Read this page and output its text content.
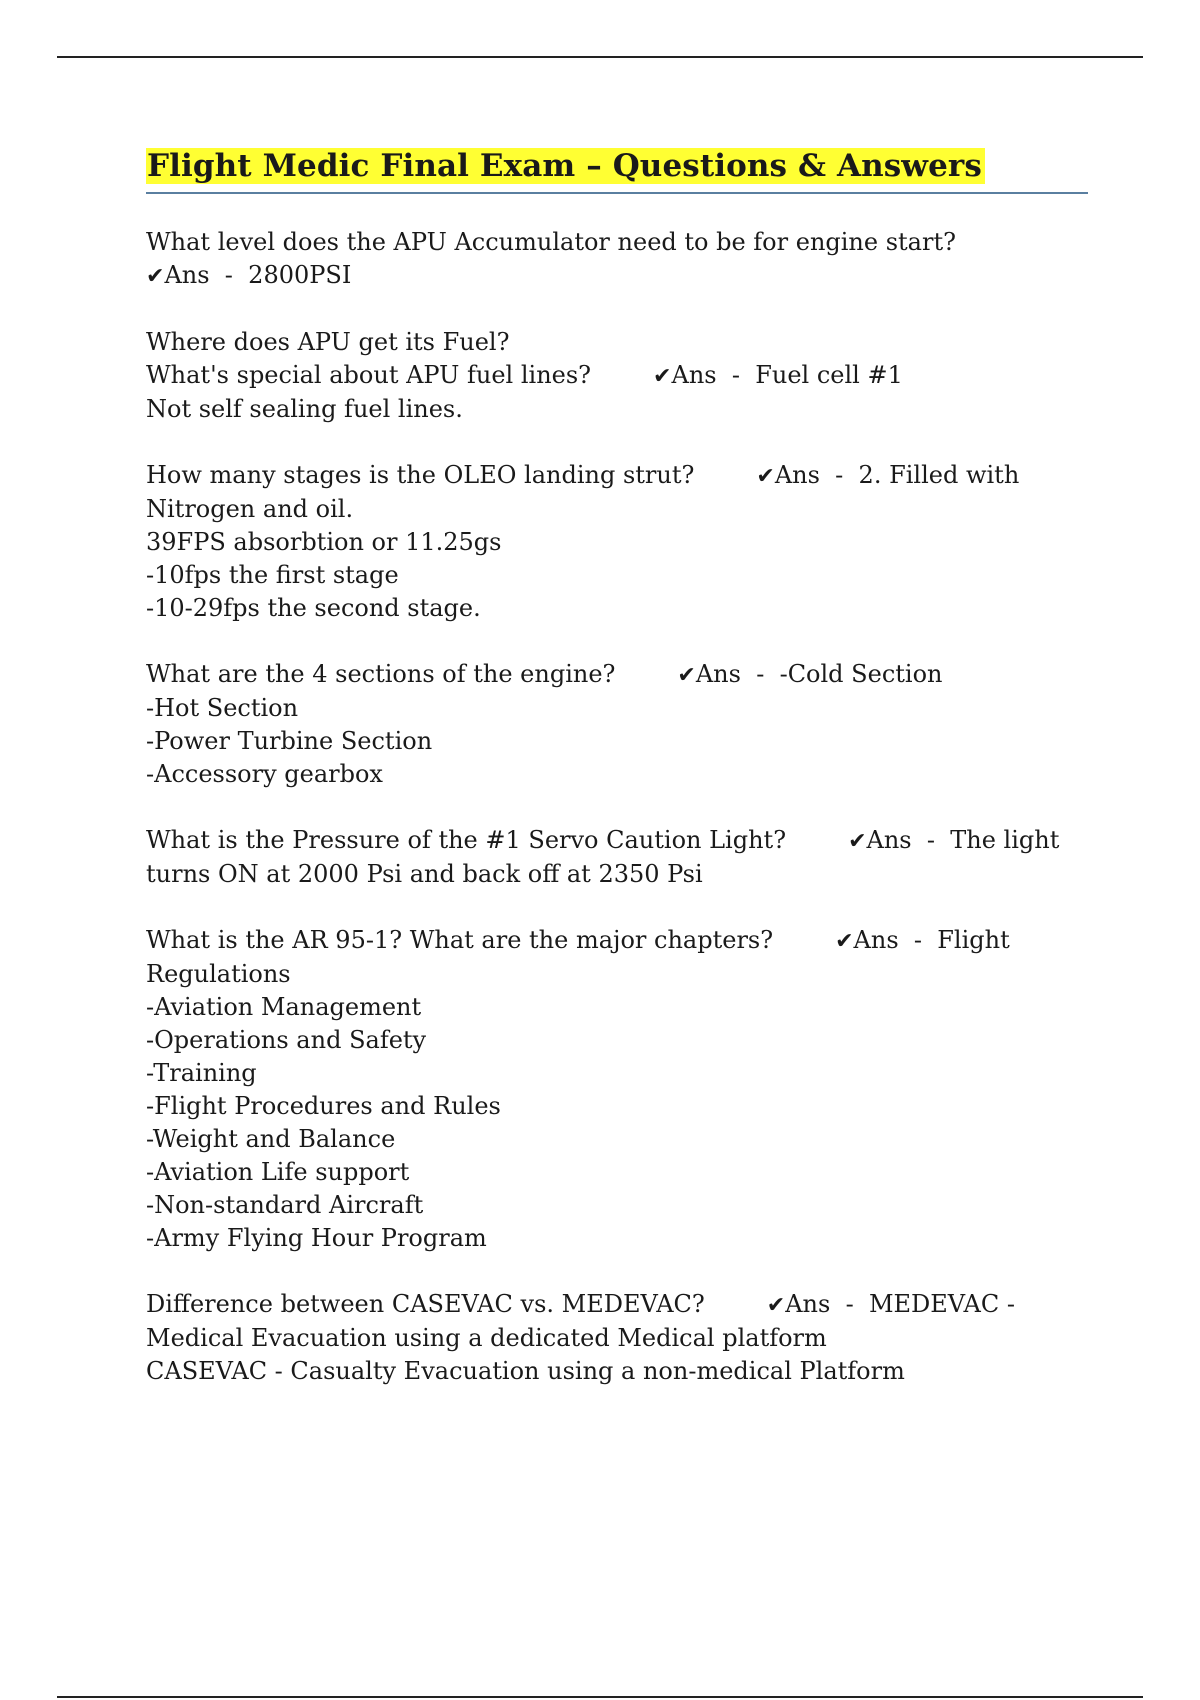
Flight Medic Final Exam – Questions & Answers
What level does the APU Accumulator need to be for engine start?
✔Ans  -  2800PSI
Where does APU get its Fuel?
What's special about APU fuel lines?	✔Ans  -  Fuel cell #1
Not self sealing fuel lines.
How many stages is the OLEO landing strut?	✔Ans  -  2. Filled with
Nitrogen and oil.
39FPS absorbtion or 11.25gs
-10fps the first stage
-10-29fps the second stage.
What are the 4 sections of the engine?	✔Ans  -  -Cold Section
-Hot Section
-Power Turbine Section
-Accessory gearbox
What is the Pressure of the #1 Servo Caution Light?	✔Ans  -  The light
turns ON at 2000 Psi and back off at 2350 Psi
What is the AR 95-1? What are the major chapters?	✔Ans  -  Flight
Regulations
-Aviation Management
-Operations and Safety
-Training
-Flight Procedures and Rules
-Weight and Balance
-Aviation Life support
-Non-standard Aircraft
-Army Flying Hour Program
Difference between CASEVAC vs. MEDEVAC?	✔Ans  -  MEDEVAC -
Medical Evacuation using a dedicated Medical platform
CASEVAC - Casualty Evacuation using a non-medical Platform
